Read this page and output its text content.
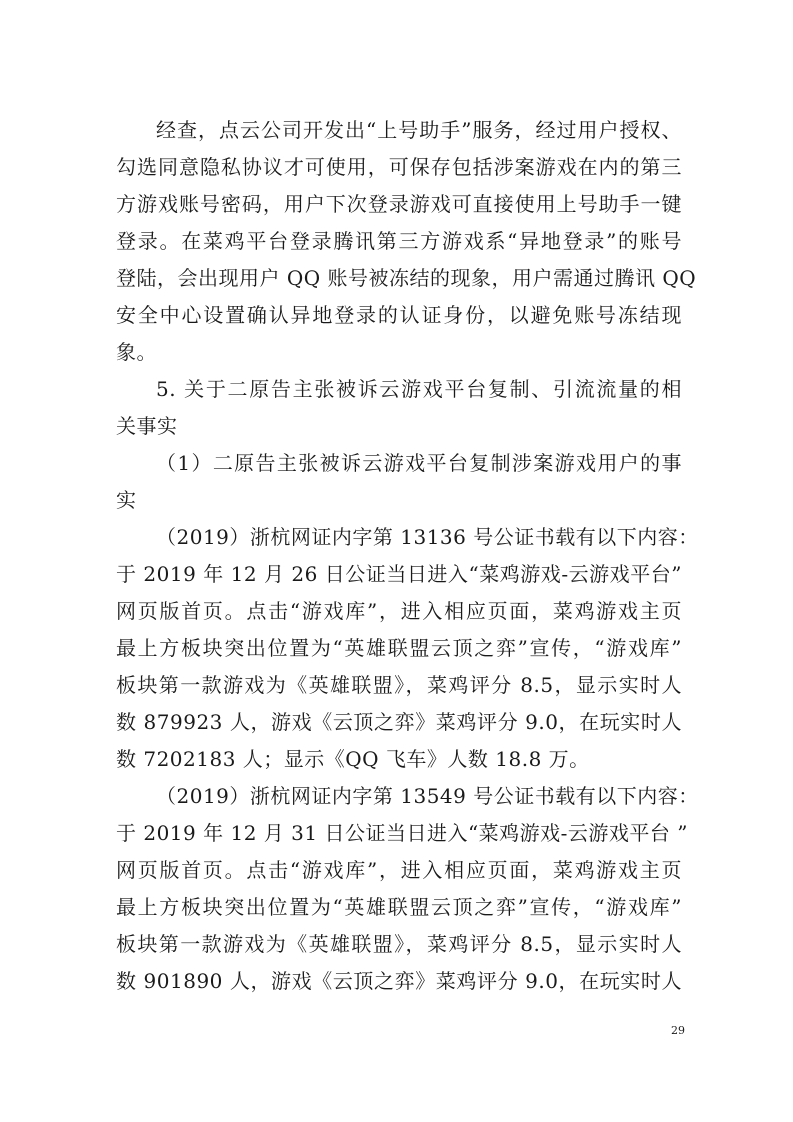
经查，点云公司开发出“上号助手”服务，经过用户授权、
勾选同意隐私协议才可使用，可保存包括涉案游戏在内的第三
方游戏账号密码，用户下次登录游戏可直接使用上号助手一键
登录。在菜鸡平台登录腾讯第三方游戏系“异地登录”的账号
登陆，会出现用户 QQ 账号被冻结的现象，用户需通过腾讯 QQ
安全中心设置确认异地登录的认证身份，以避免账号冻结现
象。
5. 关于二原告主张被诉云游戏平台复制、引流流量的相
关事实
（1）二原告主张被诉云游戏平台复制涉案游戏用户的事
实
（2019）浙杭网证内字第 13136 号公证书载有以下内容：
于 2019 年 12 月 26 日公证当日进入“菜鸡游戏-云游戏平台”
网页版首页。点击“游戏库”，进入相应页面，菜鸡游戏主页
最上方板块突出位置为“英雄联盟云顶之弈”宣传，“游戏库”
板块第一款游戏为《英雄联盟》，菜鸡评分 8.5，显示实时人
数 879923 人，游戏《云顶之弈》菜鸡评分 9.0，在玩实时人
数 7202183 人；显示《QQ 飞车》人数 18.8 万。
（2019）浙杭网证内字第 13549 号公证书载有以下内容：
于 2019 年 12 月 31 日公证当日进入“菜鸡游戏-云游戏平台 ”
网页版首页。点击“游戏库”，进入相应页面，菜鸡游戏主页
最上方板块突出位置为“英雄联盟云顶之弈”宣传，“游戏库”
板块第一款游戏为《英雄联盟》，菜鸡评分 8.5，显示实时人
数 901890 人，游戏《云顶之弈》菜鸡评分 9.0，在玩实时人
29
